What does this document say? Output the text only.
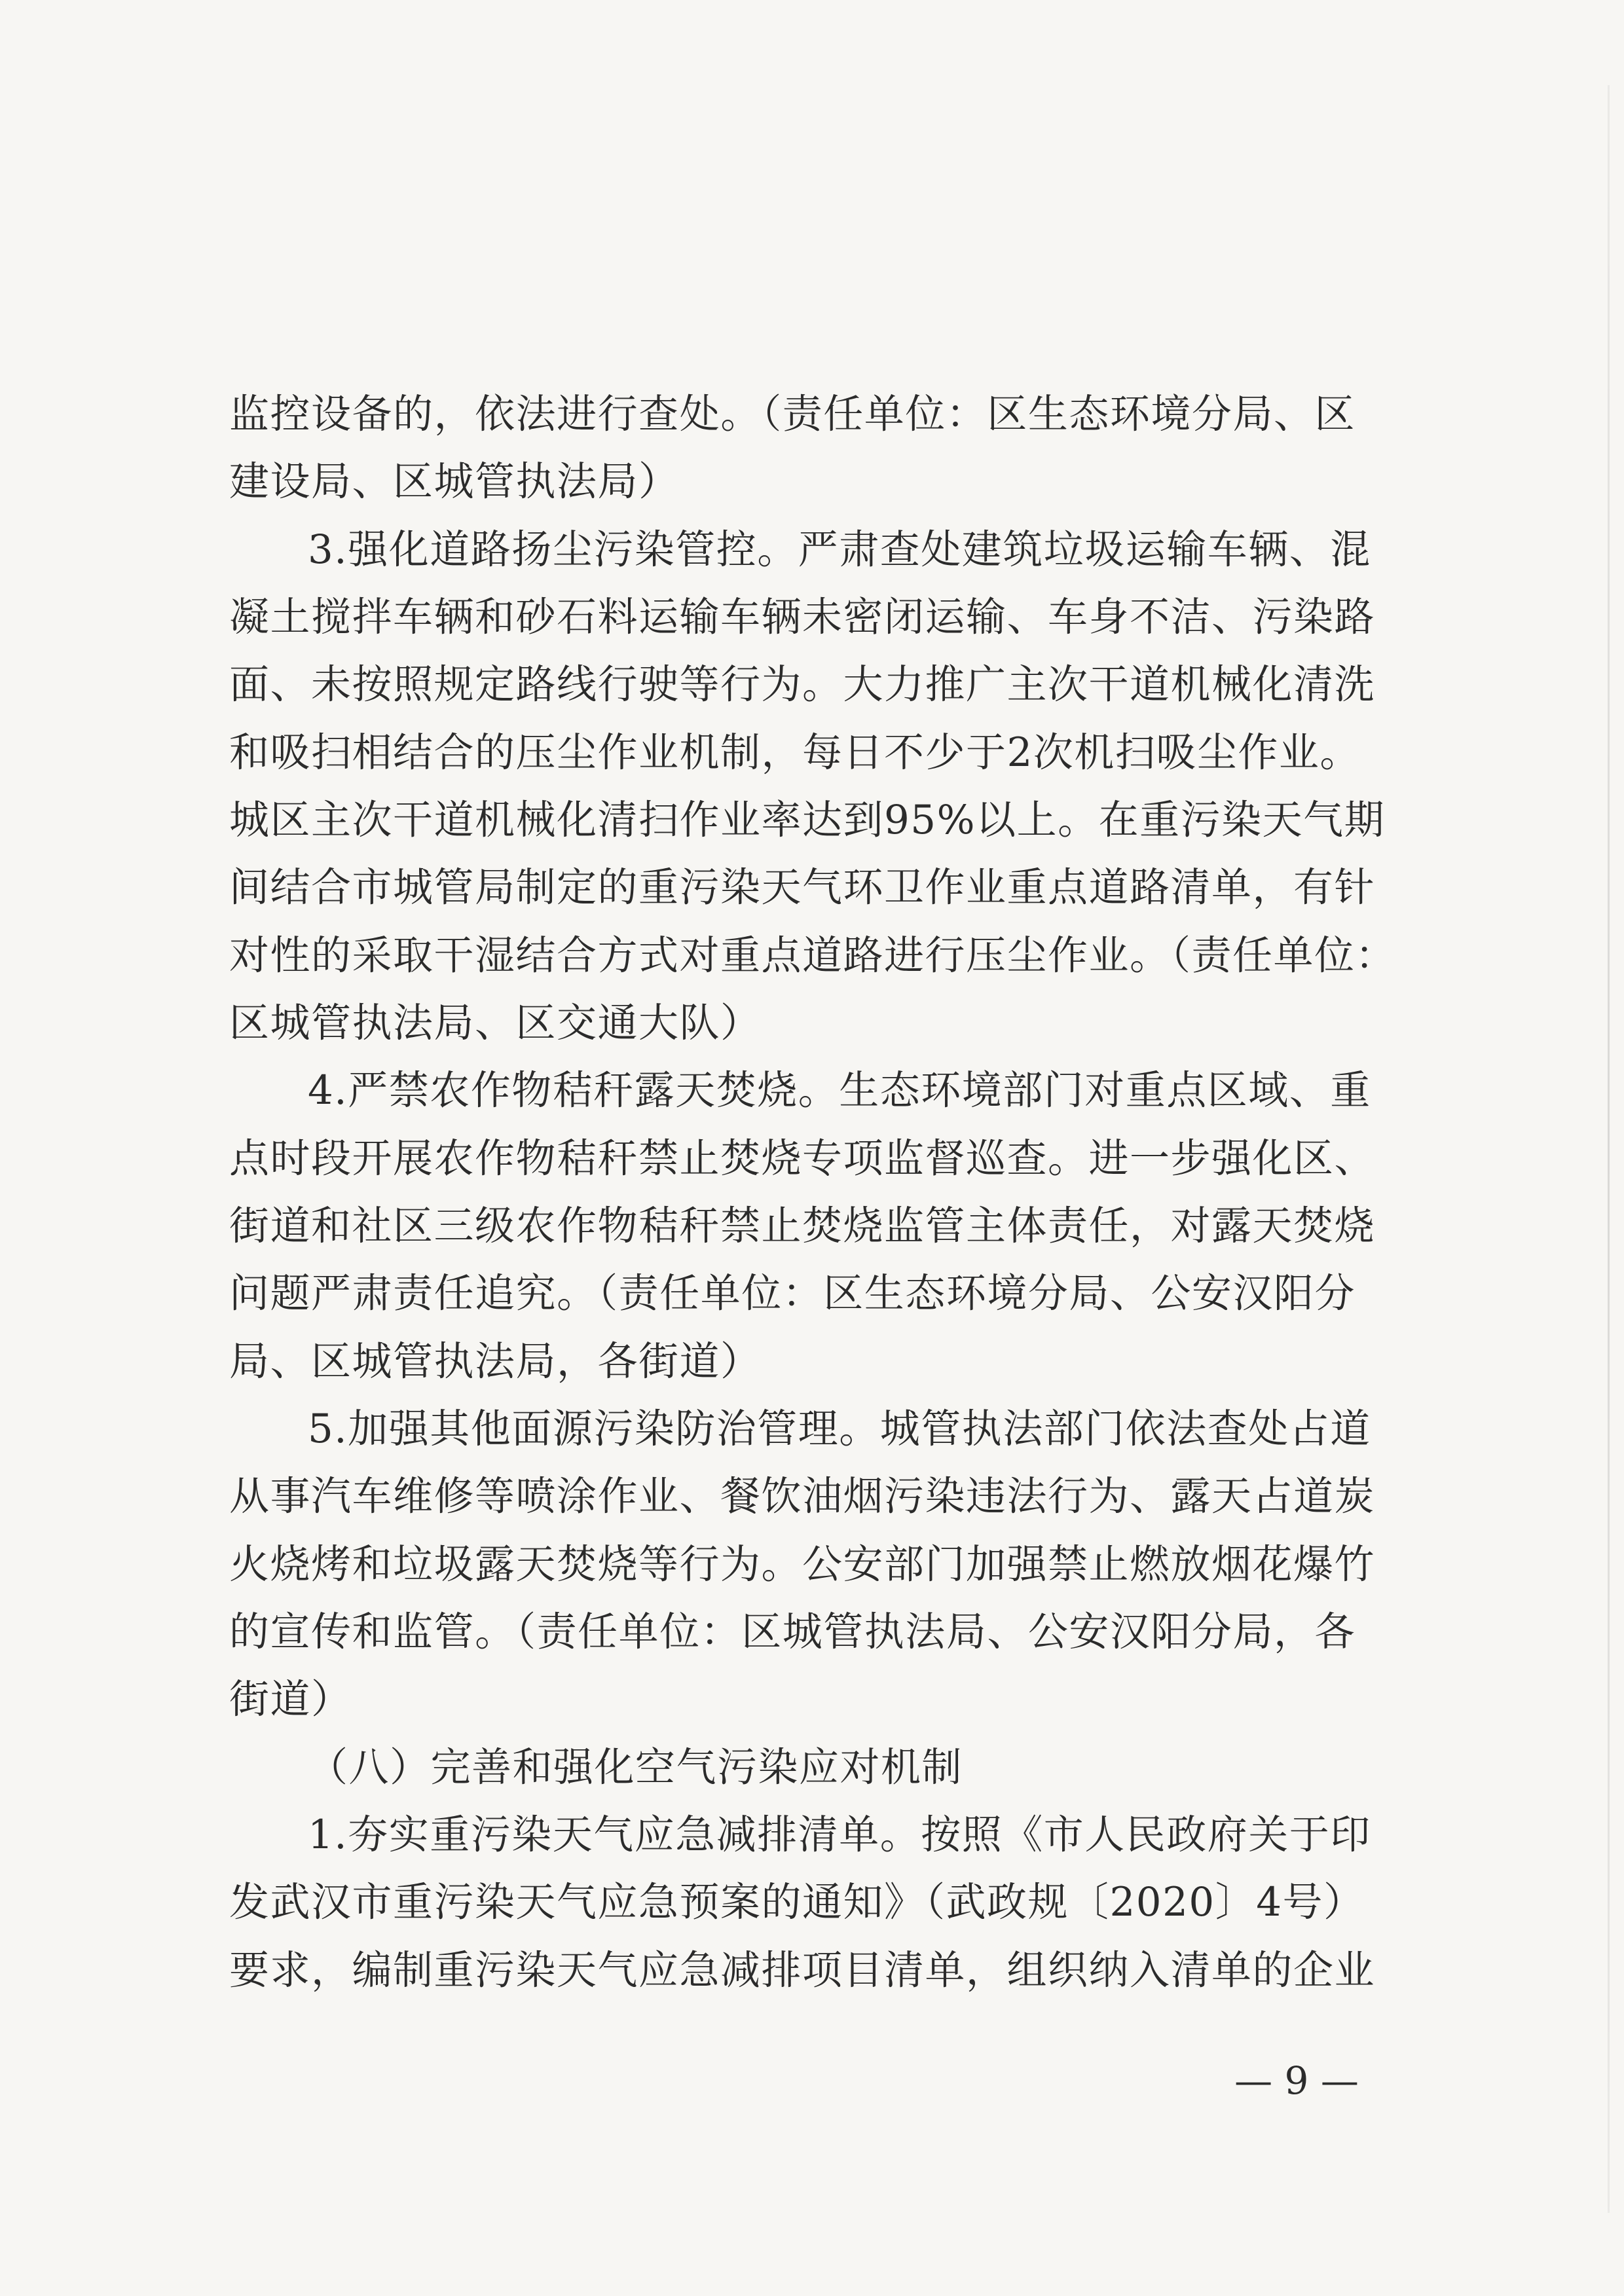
监控设备的，依法进行查处。（责任单位：区生态环境分局、区
建设局、区城管执法局）
3.强化道路扬尘污染管控。严肃查处建筑垃圾运输车辆、混
凝土搅拌车辆和砂石料运输车辆未密闭运输、车身不洁、污染路
面、未按照规定路线行驶等行为。大力推广主次干道机械化清洗
和吸扫相结合的压尘作业机制，每日不少于2次机扫吸尘作业。
城区主次干道机械化清扫作业率达到95%以上。在重污染天气期
间结合市城管局制定的重污染天气环卫作业重点道路清单，有针
对性的采取干湿结合方式对重点道路进行压尘作业。（责任单位：
区城管执法局、区交通大队）
4.严禁农作物秸秆露天焚烧。生态环境部门对重点区域、重
点时段开展农作物秸秆禁止焚烧专项监督巡查。进一步强化区、
街道和社区三级农作物秸秆禁止焚烧监管主体责任，对露天焚烧
问题严肃责任追究。（责任单位：区生态环境分局、公安汉阳分
局、区城管执法局，各街道）
5.加强其他面源污染防治管理。城管执法部门依法查处占道
从事汽车维修等喷涂作业、餐饮油烟污染违法行为、露天占道炭
火烧烤和垃圾露天焚烧等行为。公安部门加强禁止燃放烟花爆竹
的宣传和监管。（责任单位：区城管执法局、公安汉阳分局，各
街道）
（八）完善和强化空气污染应对机制
1.夯实重污染天气应急减排清单。按照《市人民政府关于印
发武汉市重污染天气应急预案的通知》（武政规〔2020〕4号）
要求，编制重污染天气应急减排项目清单，组织纳入清单的企业
— 9 —
